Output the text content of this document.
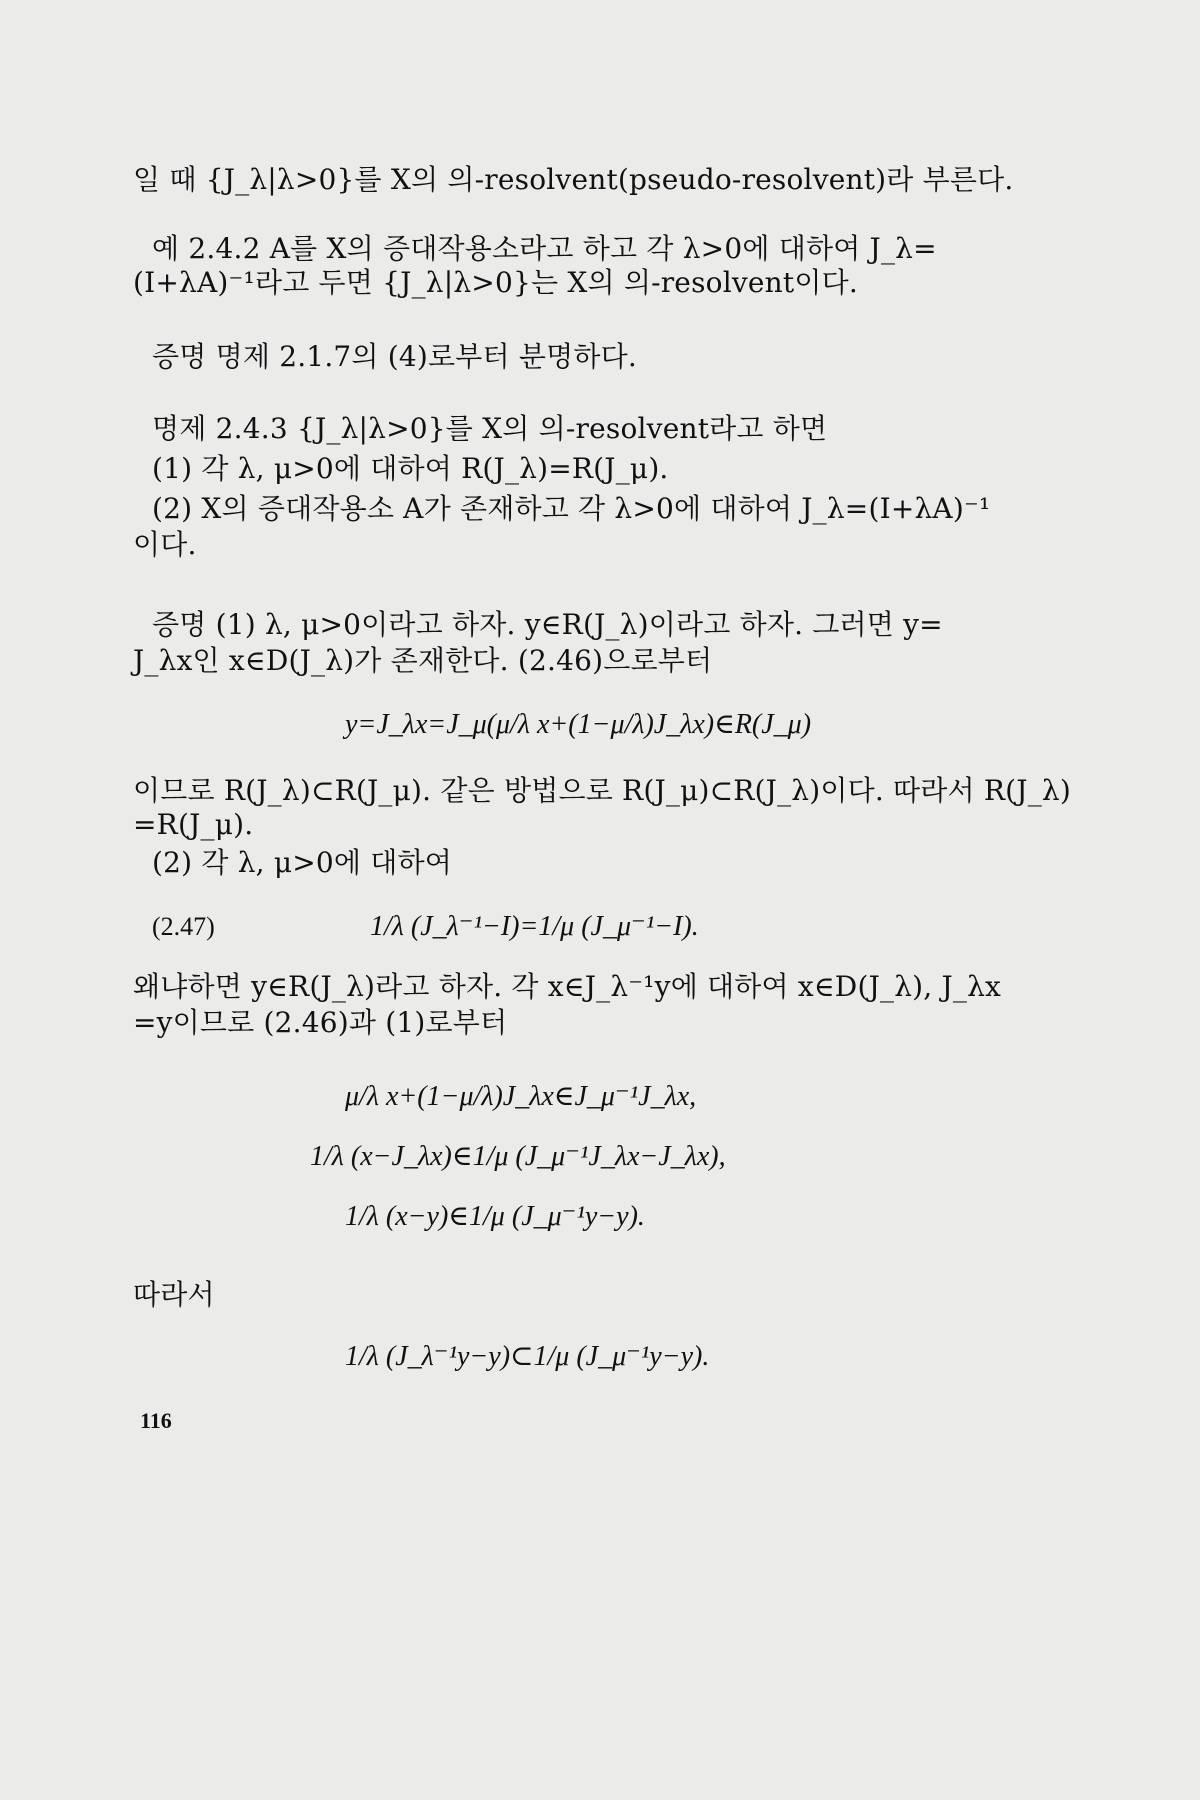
일 때 {J_λ|λ>0}를 X의 의-resolvent(pseudo-resolvent)라 부른다.
예 2.4.2 A를 X의 증대작용소라고 하고 각 λ>0에 대하여 J_λ=
(I+λA)⁻¹라고 두면 {J_λ|λ>0}는 X의 의-resolvent이다.
증명 명제 2.1.7의 (4)로부터 분명하다.
명제 2.4.3 {J_λ|λ>0}를 X의 의-resolvent라고 하면
(1) 각 λ, μ>0에 대하여 R(J_λ)=R(J_μ).
(2) X의 증대작용소 A가 존재하고 각 λ>0에 대하여 J_λ=(I+λA)⁻¹
이다.
증명 (1) λ, μ>0이라고 하자. y∈R(J_λ)이라고 하자. 그러면 y=
J_λx인 x∈D(J_λ)가 존재한다. (2.46)으로부터
y=J_λx=J_μ(μ/λ x+(1−μ/λ)J_λx)∈R(J_μ)
이므로 R(J_λ)⊂R(J_μ). 같은 방법으로 R(J_μ)⊂R(J_λ)이다. 따라서 R(J_λ)
=R(J_μ).
(2) 각 λ, μ>0에 대하여
(2.47)	1/λ (J_λ⁻¹−I)=1/μ (J_μ⁻¹−I).
왜냐하면 y∈R(J_λ)라고 하자. 각 x∈J_λ⁻¹y에 대하여 x∈D(J_λ), J_λx
=y이므로 (2.46)과 (1)로부터
μ/λ x+(1−μ/λ)J_λx∈J_μ⁻¹J_λx,
1/λ (x−J_λx)∈1/μ (J_μ⁻¹J_λx−J_λx),
1/λ (x−y)∈1/μ (J_μ⁻¹y−y).
따라서
1/λ (J_λ⁻¹y−y)⊂1/μ (J_μ⁻¹y−y).
116
